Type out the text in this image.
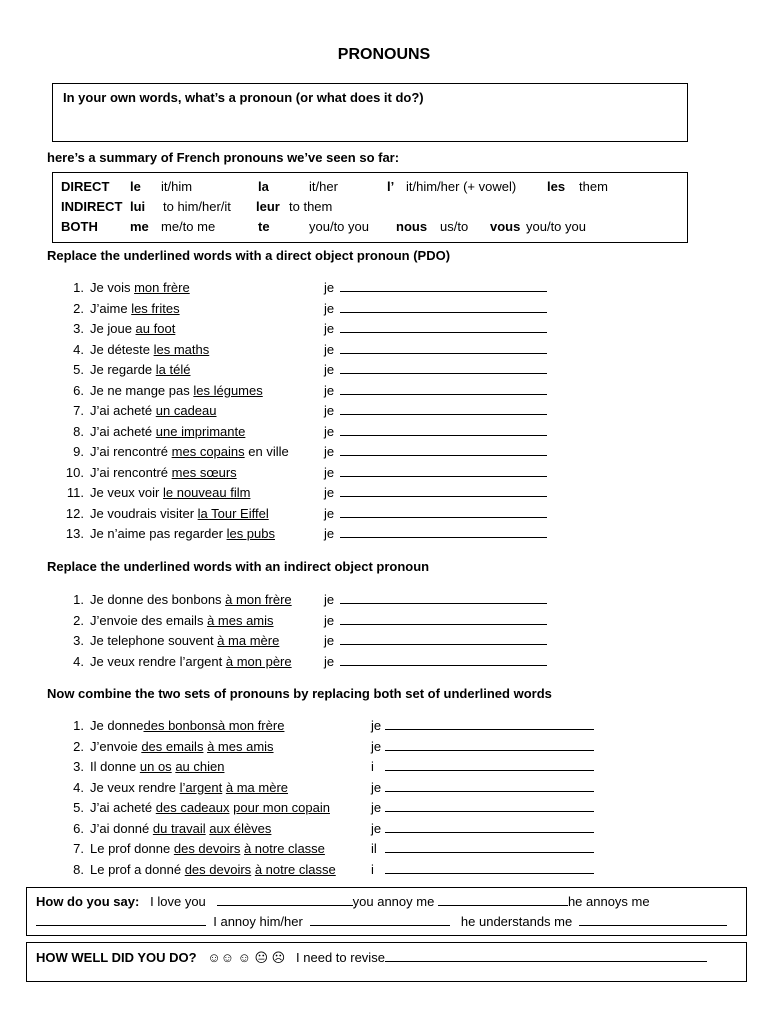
PRONOUNS
In your own words, what’s a pronoun (or what does it do?)
here’s a summary of French pronouns we’ve seen so far:
DIRECT le it/him	la	it/her	l’ it/him/her (+ vowel) les them
INDIRECT lui to him/her/it leur to them
BOTH me me/to me	te	you/to you nous us/to vous you/to you
Replace the underlined words with a direct object pronoun (PDO)
1. Je vois mon frère	je
2. J’aime les frites	je
3. Je joue au foot	je
4. Je déteste les maths	je
5. Je regarde la télé	je
6. Je ne mange pas les légumes	je
7. J’ai acheté un cadeau	je
8. J’ai acheté une imprimante	je
9. J’ai rencontré mes copains en ville	je
10. J’ai rencontré mes sœurs	je
11. Je veux voir le nouveau film	je
12. Je voudrais visiter la Tour Eiffel	je
13. Je n’aime pas regarder les pubs	je
Replace the underlined words with an indirect object pronoun
1. Je donne des bonbons à mon frère je
2. J’envoie des emails à mes amis	je
3. Je telephone souvent à ma mère	je
4. Je veux rendre l’argent à mon père je
Now combine the two sets of pronouns by replacing both set of underlined words
1. Je donnedes bonbonsà mon frère	je
2. J’envoie des emails à mes amis	je
3. Il donne un os au chien	i
4. Je veux rendre l’argent à ma mère	je
5. J’ai acheté des cadeaux pour mon copain	je
6. J’ai donné du travail aux élèves	je
7. Le prof donne des devoirs à notre classe	il
8. Le prof a donné des devoirs à notre classe	i
How do you say: I love you	you annoy me	he annoys me
I annoy him/her	he understands me
HOW WELL DID YOU DO? ☺☺ ☺ 😐 ☹ I need to revise
